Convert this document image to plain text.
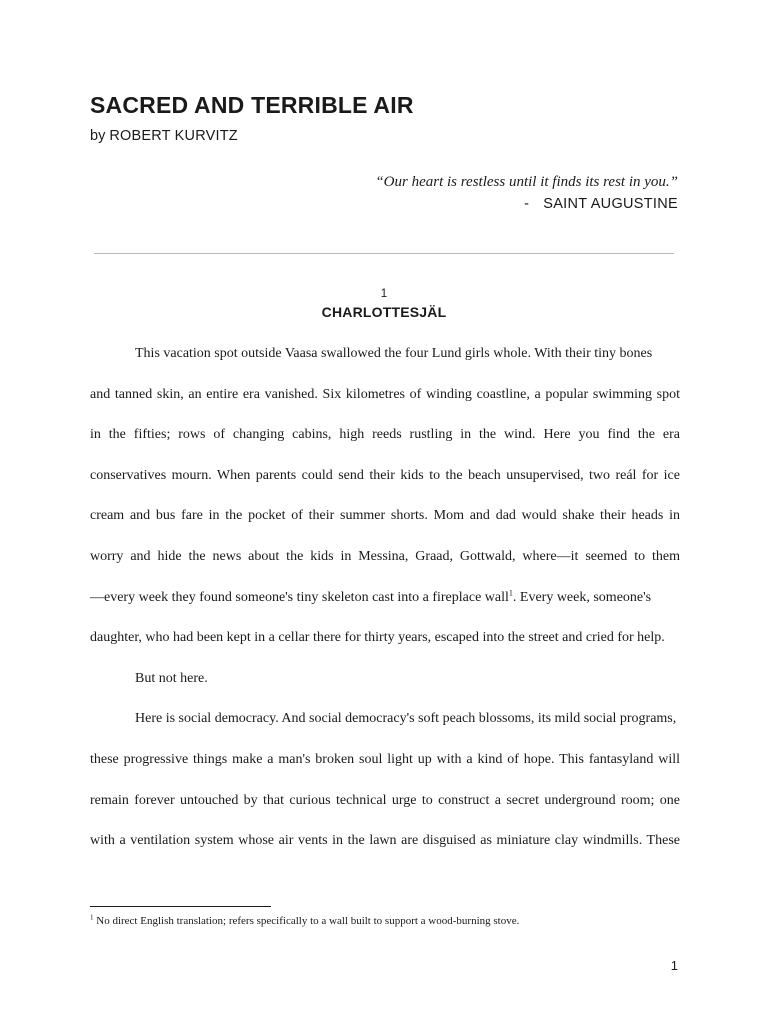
SACRED AND TERRIBLE AIR
by ROBERT KURVITZ
“Our heart is restless until it finds its rest in you.”
- SAINT AUGUSTINE
1
CHARLOTTESJÄL
This vacation spot outside Vaasa swallowed the four Lund girls whole. With their tiny bones
and tanned skin, an entire era vanished. Six kilometres of winding coastline, a popular swimming spot
in the fifties; rows of changing cabins, high reeds rustling in the wind. Here you find the era
conservatives mourn. When parents could send their kids to the beach unsupervised, two reál for ice
cream and bus fare in the pocket of their summer shorts. Mom and dad would shake their heads in
worry and hide the news about the kids in Messina, Graad, Gottwald, where—it seemed to them
—every week they found someone's tiny skeleton cast into a fireplace wall$^1$. Every week, someone's
daughter, who had been kept in a cellar there for thirty years, escaped into the street and cried for help.
But not here.
Here is social democracy. And social democracy's soft peach blossoms, its mild social programs,
these progressive things make a man's broken soul light up with a kind of hope. This fantasyland will
remain forever untouched by that curious technical urge to construct a secret underground room; one
with a ventilation system whose air vents in the lawn are disguised as miniature clay windmills. These
$^1$ No direct English translation; refers specifically to a wall built to support a wood-burning stove.
1
